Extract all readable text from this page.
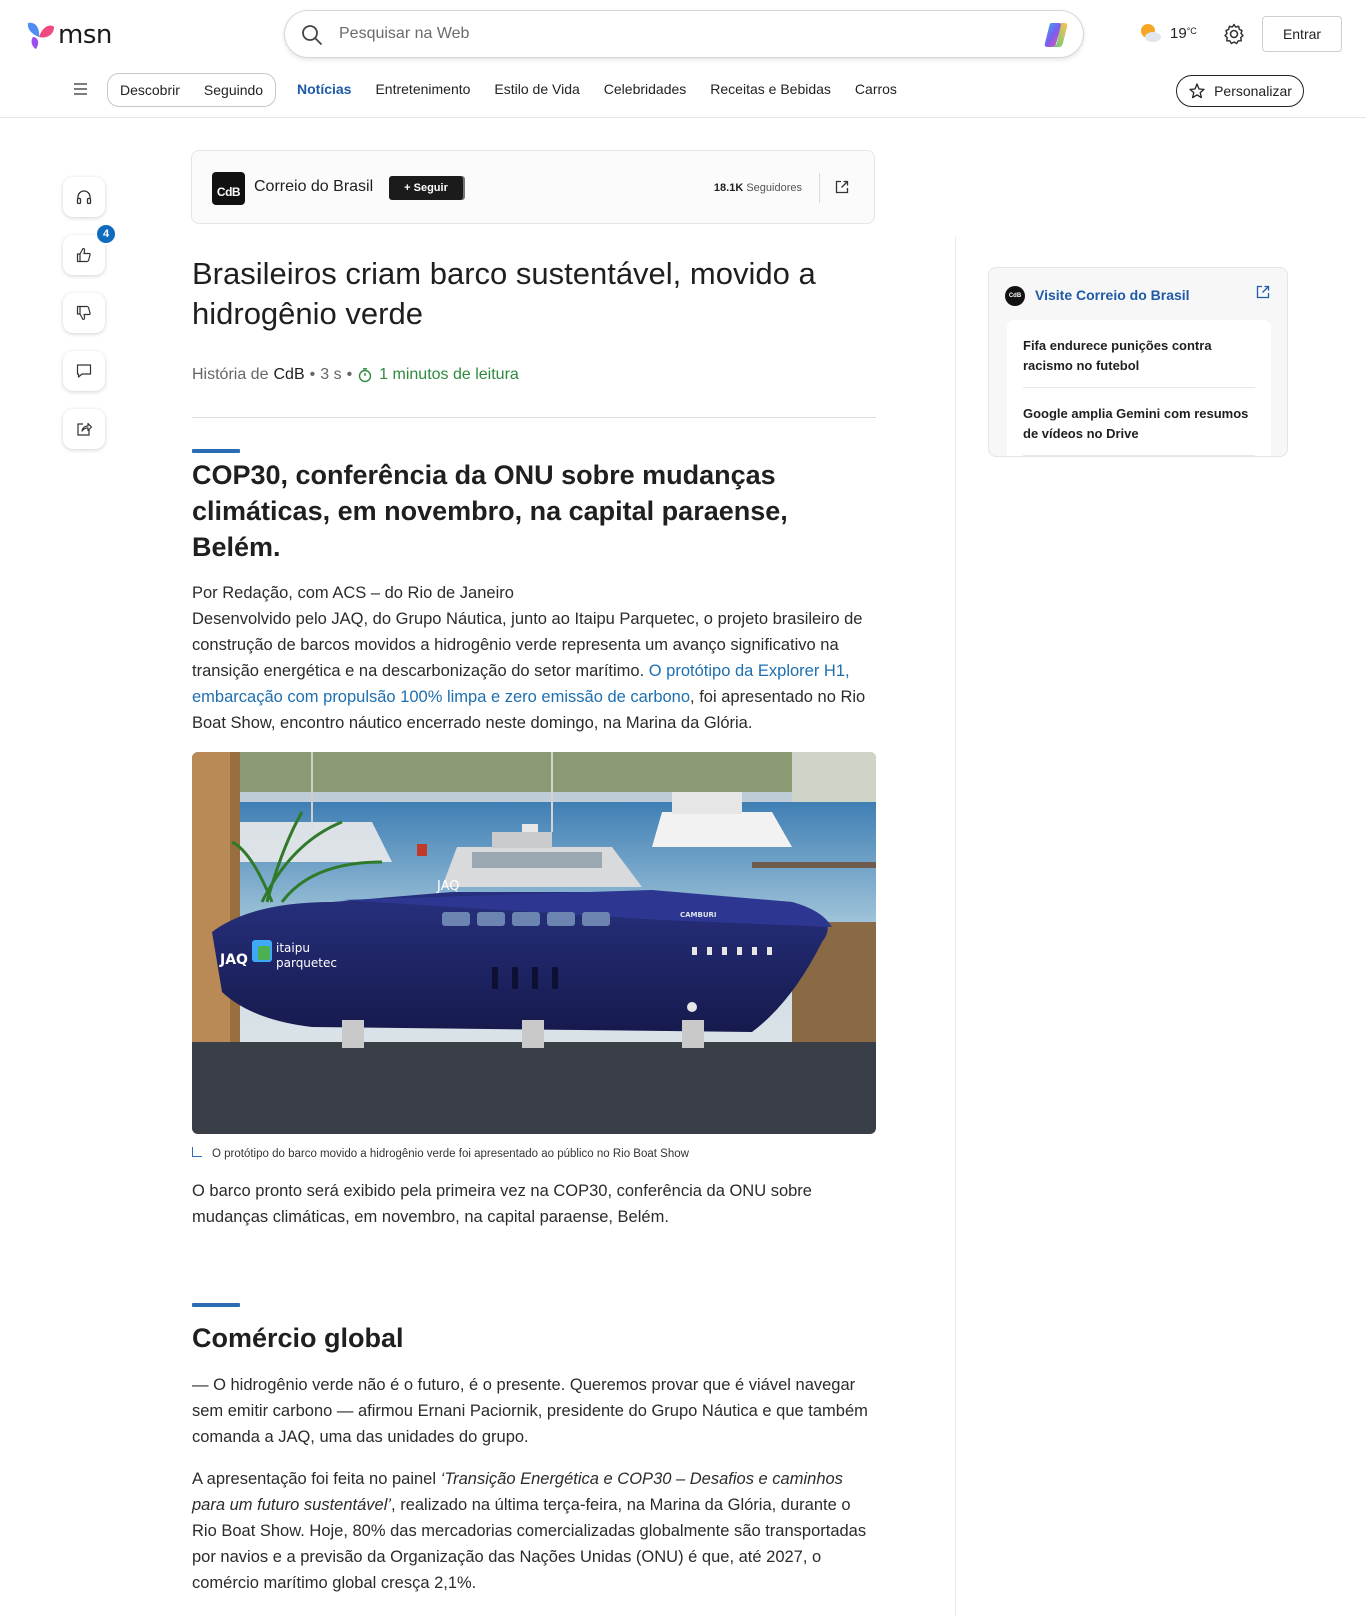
msn
Pesquisar na Web	$19^{^\circ C}$	Entrar
Descobrir Seguindo Notícias Entretenimento Estilo de Vida Celebridades Receitas e Bebidas Carros	Personalizar
4
CdB Correio do Brasil	+ Seguir	18.1K Seguidores
Brasileiros criam barco sustentável, movido a hidrogênio verde
História de CdB • 3 s • 1 minutos de leitura
COP30, conferência da ONU sobre mudanças climáticas, em novembro, na capital paraense, Belém.

Por Redação, com ACS – do Rio de Janeiro

Desenvolvido pelo JAQ, do Grupo Náutica, junto ao Itaipu Parquetec, o projeto brasileiro de construção de barcos movidos a hidrogênio verde representa um avanço significativo na transição energética e na descarbonização do setor marítimo. O protótipo da Explorer H1, embarcação com propulsão 100% limpa e zero emissão de carbono, foi apresentado no Rio Boat Show, encontro náutico encerrado neste domingo, na Marina da Glória.

JAQ
JAQ
itaipu
parquetec
CAMBURI
O protótipo do barco movido a hidrogênio verde foi apresentado ao público no Rio Boat Show

O barco pronto será exibido pela primeira vez na COP30, conferência da ONU sobre mudanças climáticas, em novembro, na capital paraense, Belém.

Comércio global

— O hidrogênio verde não é o futuro, é o presente. Queremos provar que é viável navegar sem emitir carbono — afirmou Ernani Paciornik, presidente do Grupo Náutica e que também comanda a JAQ, uma das unidades do grupo.

A apresentação foi feita no painel ‘Transição Energética e COP30 – Desafios e caminhos para um futuro sustentável’, realizado na última terça-feira, na Marina da Glória, durante o Rio Boat Show. Hoje, 80% das mercadorias comercializadas globalmente são transportadas por navios e a previsão da Organização das Nações Unidas (ONU) é que, até 2027, o comércio marítimo global cresça 2,1%.

CdB Visite Correio do Brasil
Fifa endurece punições contra racismo no futebol
Google amplia Gemini com resumos de vídeos no Drive
